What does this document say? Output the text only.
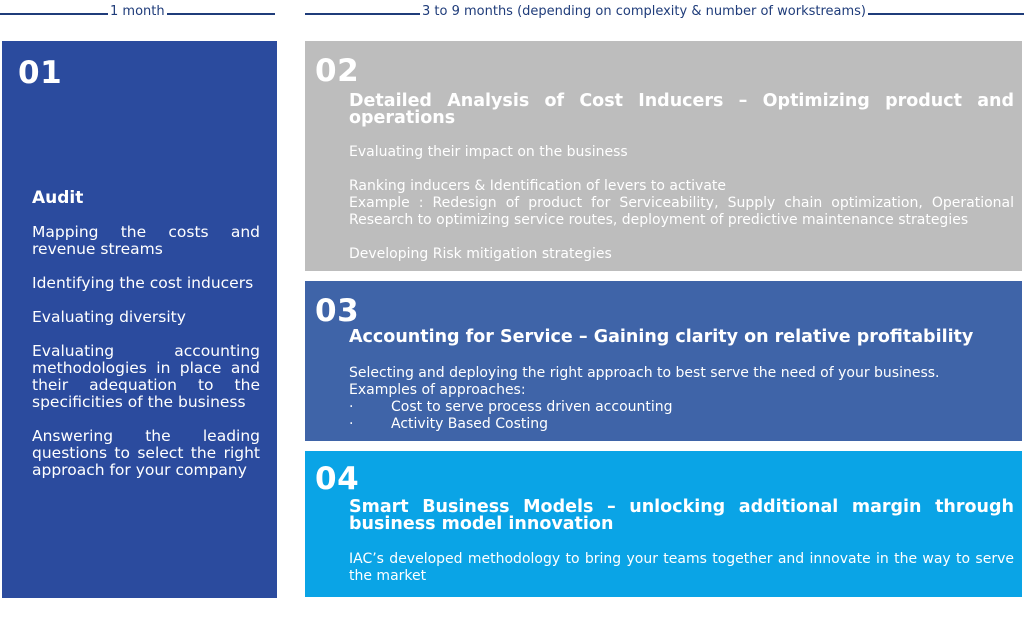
1 month	3 to 9 months (depending on complexity & number of workstreams)
01
Audit
Mapping the costs and revenue streams
Identifying the cost inducers
Evaluating diversity
Evaluating accounting methodologies in place and their adequation to the specificities of the business
Answering the leading questions to select the right approach for your company
02
Detailed Analysis of Cost Inducers – Optimizing product and operations

Evaluating their impact on the business

Ranking inducers & Identification of levers to activate

Example : Redesign of product for Serviceability, Supply chain optimization, Operational Research to optimizing service routes, deployment of predictive maintenance strategies

Developing Risk mitigation strategies

03
Accounting for Service – Gaining clarity on relative profitability
Selecting and deploying the right approach to best serve the need of your business.
Examples of approaches:
·	Cost to serve process driven accounting
·	Activity Based Costing
04
Smart Business Models – unlocking additional margin through business model innovation
IAC’s developed methodology to bring your teams together and innovate in the way to serve the market
